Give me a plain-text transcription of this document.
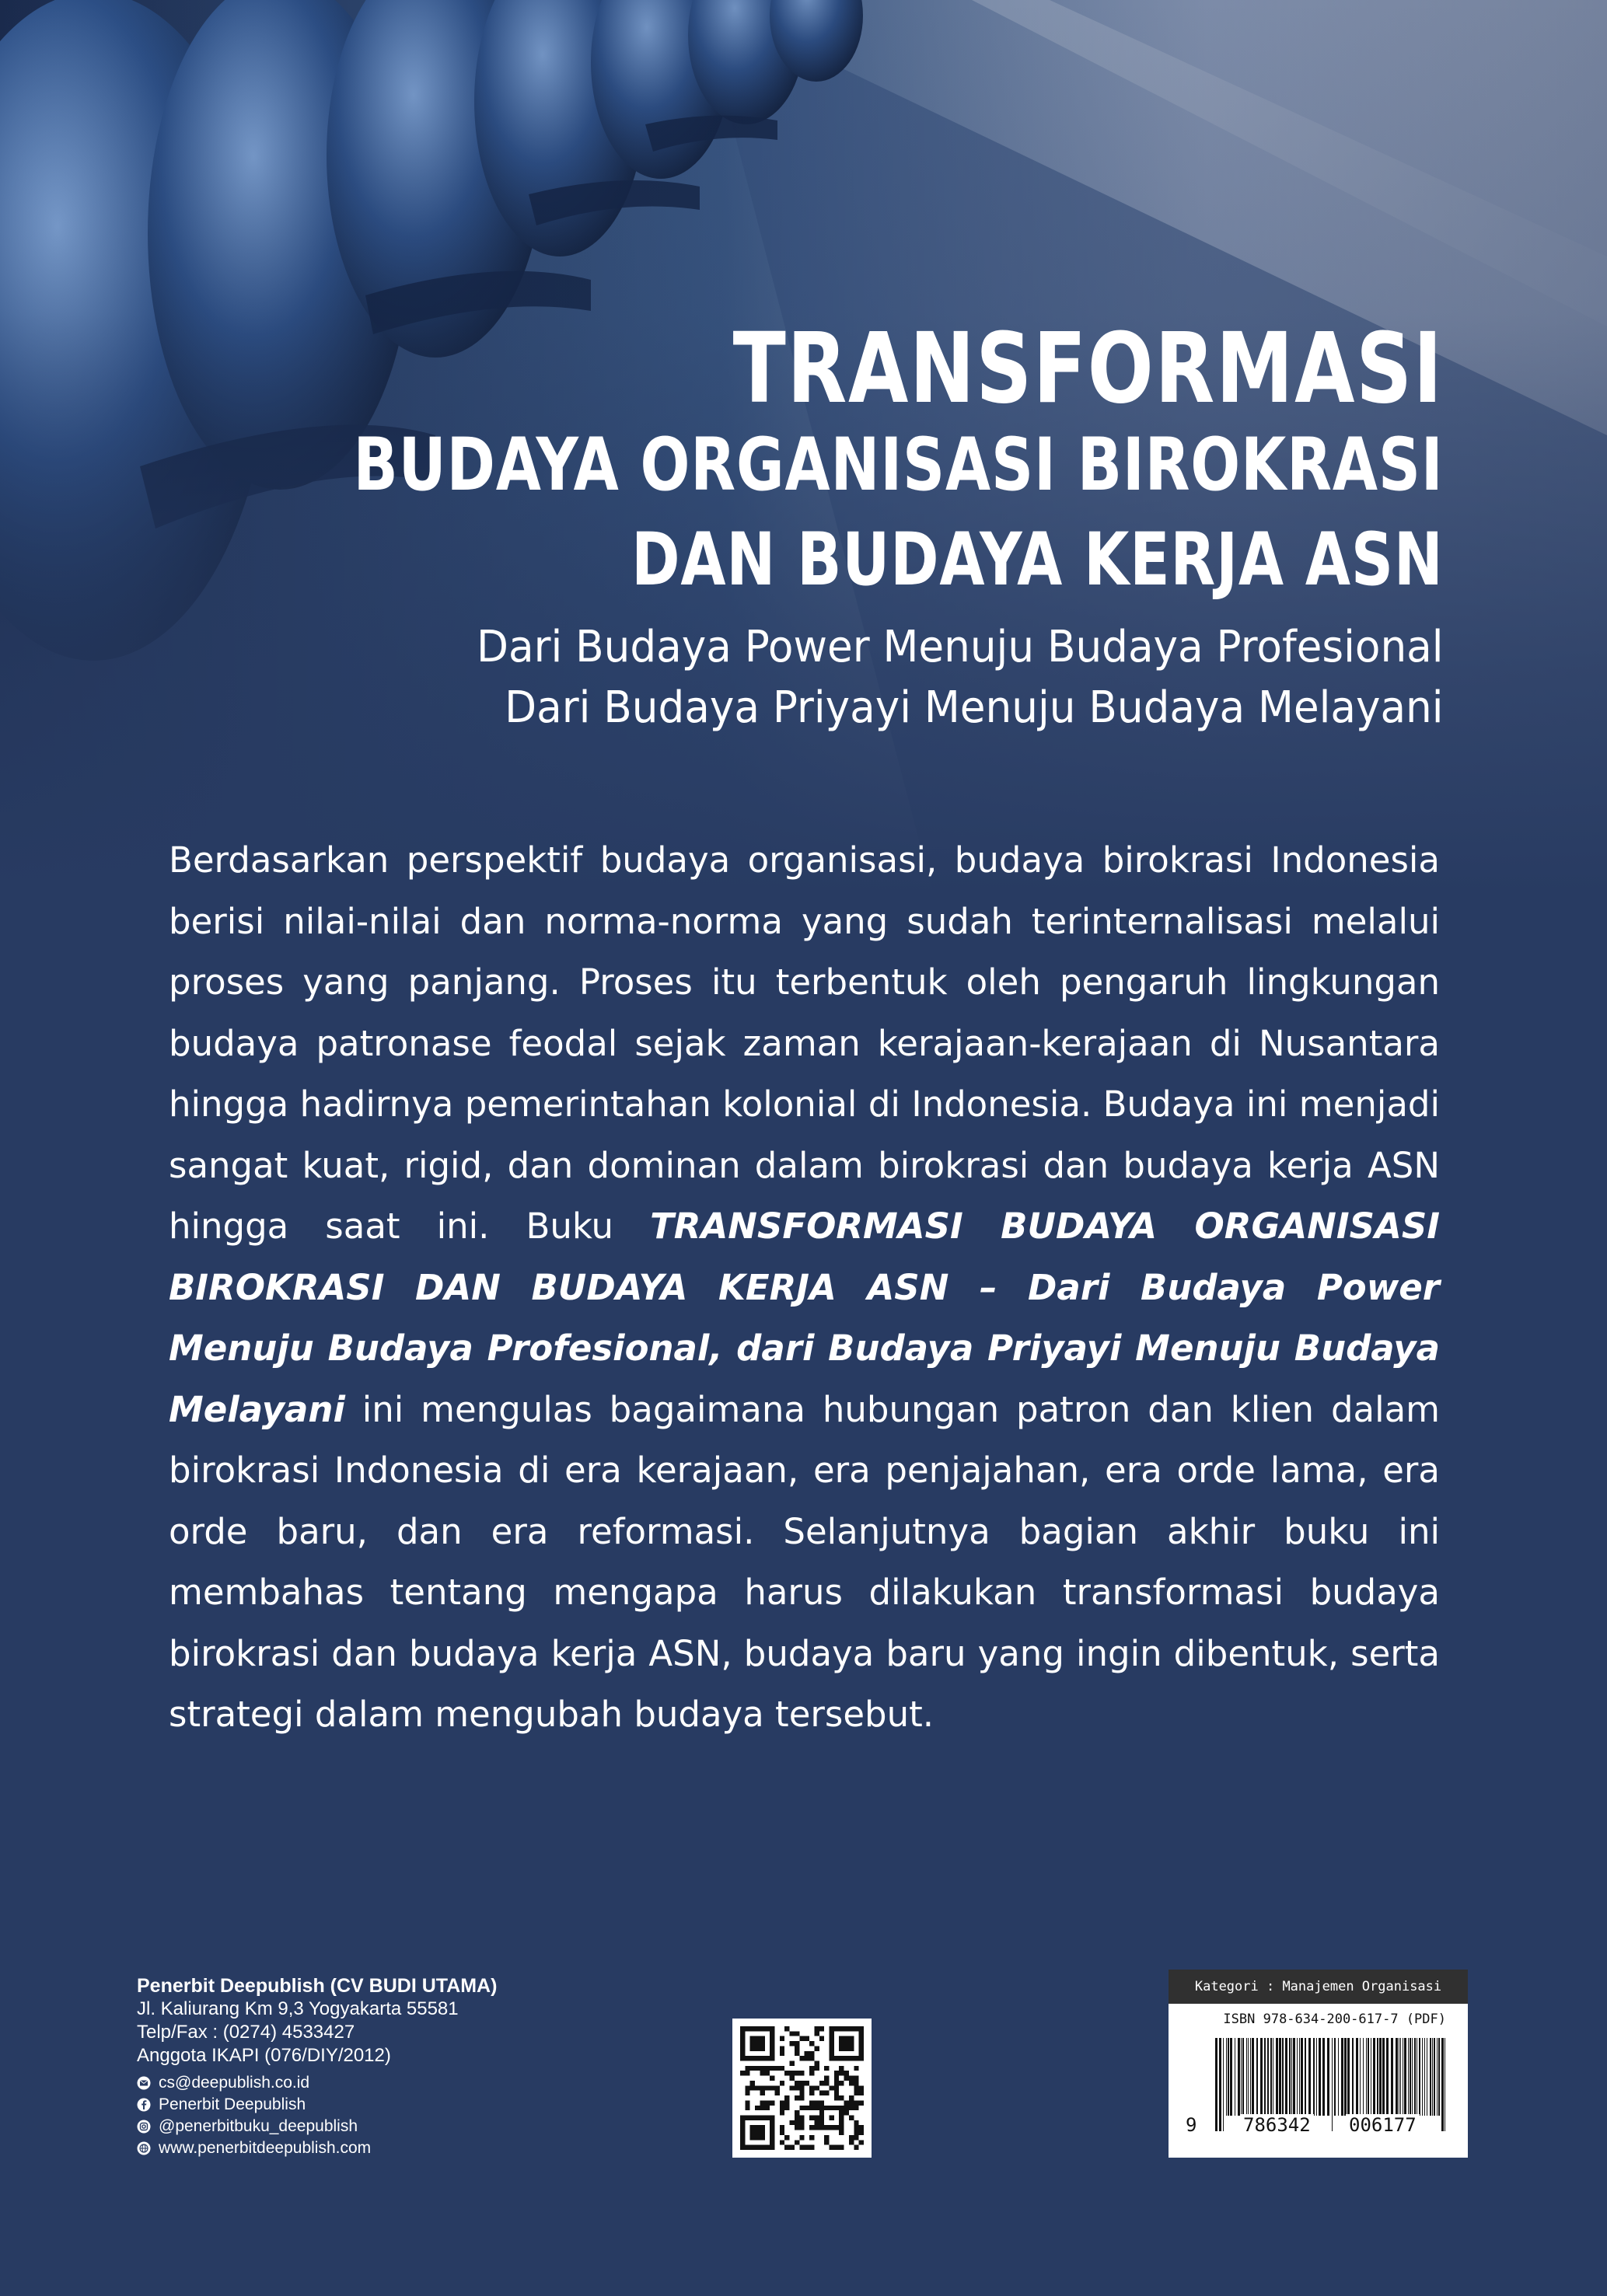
TRANSFORMASI
BUDAYA ORGANISASI BIROKRASI
DAN BUDAYA KERJA ASN
Dari Budaya Power Menuju Budaya Profesional
Dari Budaya Priyayi Menuju Budaya Melayani
Berdasarkan perspektif budaya organisasi, budaya birokrasi Indonesia berisi nilai-nilai dan norma-norma yang sudah terinternalisasi melalui proses yang panjang. Proses itu terbentuk oleh pengaruh lingkungan budaya patronase feodal sejak zaman kerajaan-kerajaan di Nusantara hingga hadirnya pemerintahan kolonial di Indonesia. Budaya ini menjadi sangat kuat, rigid, dan dominan dalam birokrasi dan budaya kerja ASN hingga saat ini. Buku TRANSFORMASI BUDAYA ORGANISASI BIROKRASI DAN BUDAYA KERJA ASN – Dari Budaya Power Menuju Budaya Profesional, dari Budaya Priyayi Menuju Budaya Melayani ini mengulas bagaimana hubungan patron dan klien dalam birokrasi Indonesia di era kerajaan, era penjajahan, era orde lama, era orde baru, dan era reformasi. Selanjutnya bagian akhir buku ini membahas tentang mengapa harus dilakukan transformasi budaya birokrasi dan budaya kerja ASN, budaya baru yang ingin dibentuk, serta strategi dalam mengubah budaya tersebut.
Penerbit Deepublish (CV BUDI UTAMA)
Jl. Kaliurang Km 9,3 Yogyakarta 55581
Telp/Fax : (0274) 4533427
Anggota IKAPI (076/DIY/2012)
cs@deepublish.co.id
Penerbit Deepublish
@penerbitbuku_deepublish
www.penerbitdeepublish.com
Kategori : Manajemen Organisasi
ISBN 978-634-200-617-7 (PDF)
9 786342 006177
